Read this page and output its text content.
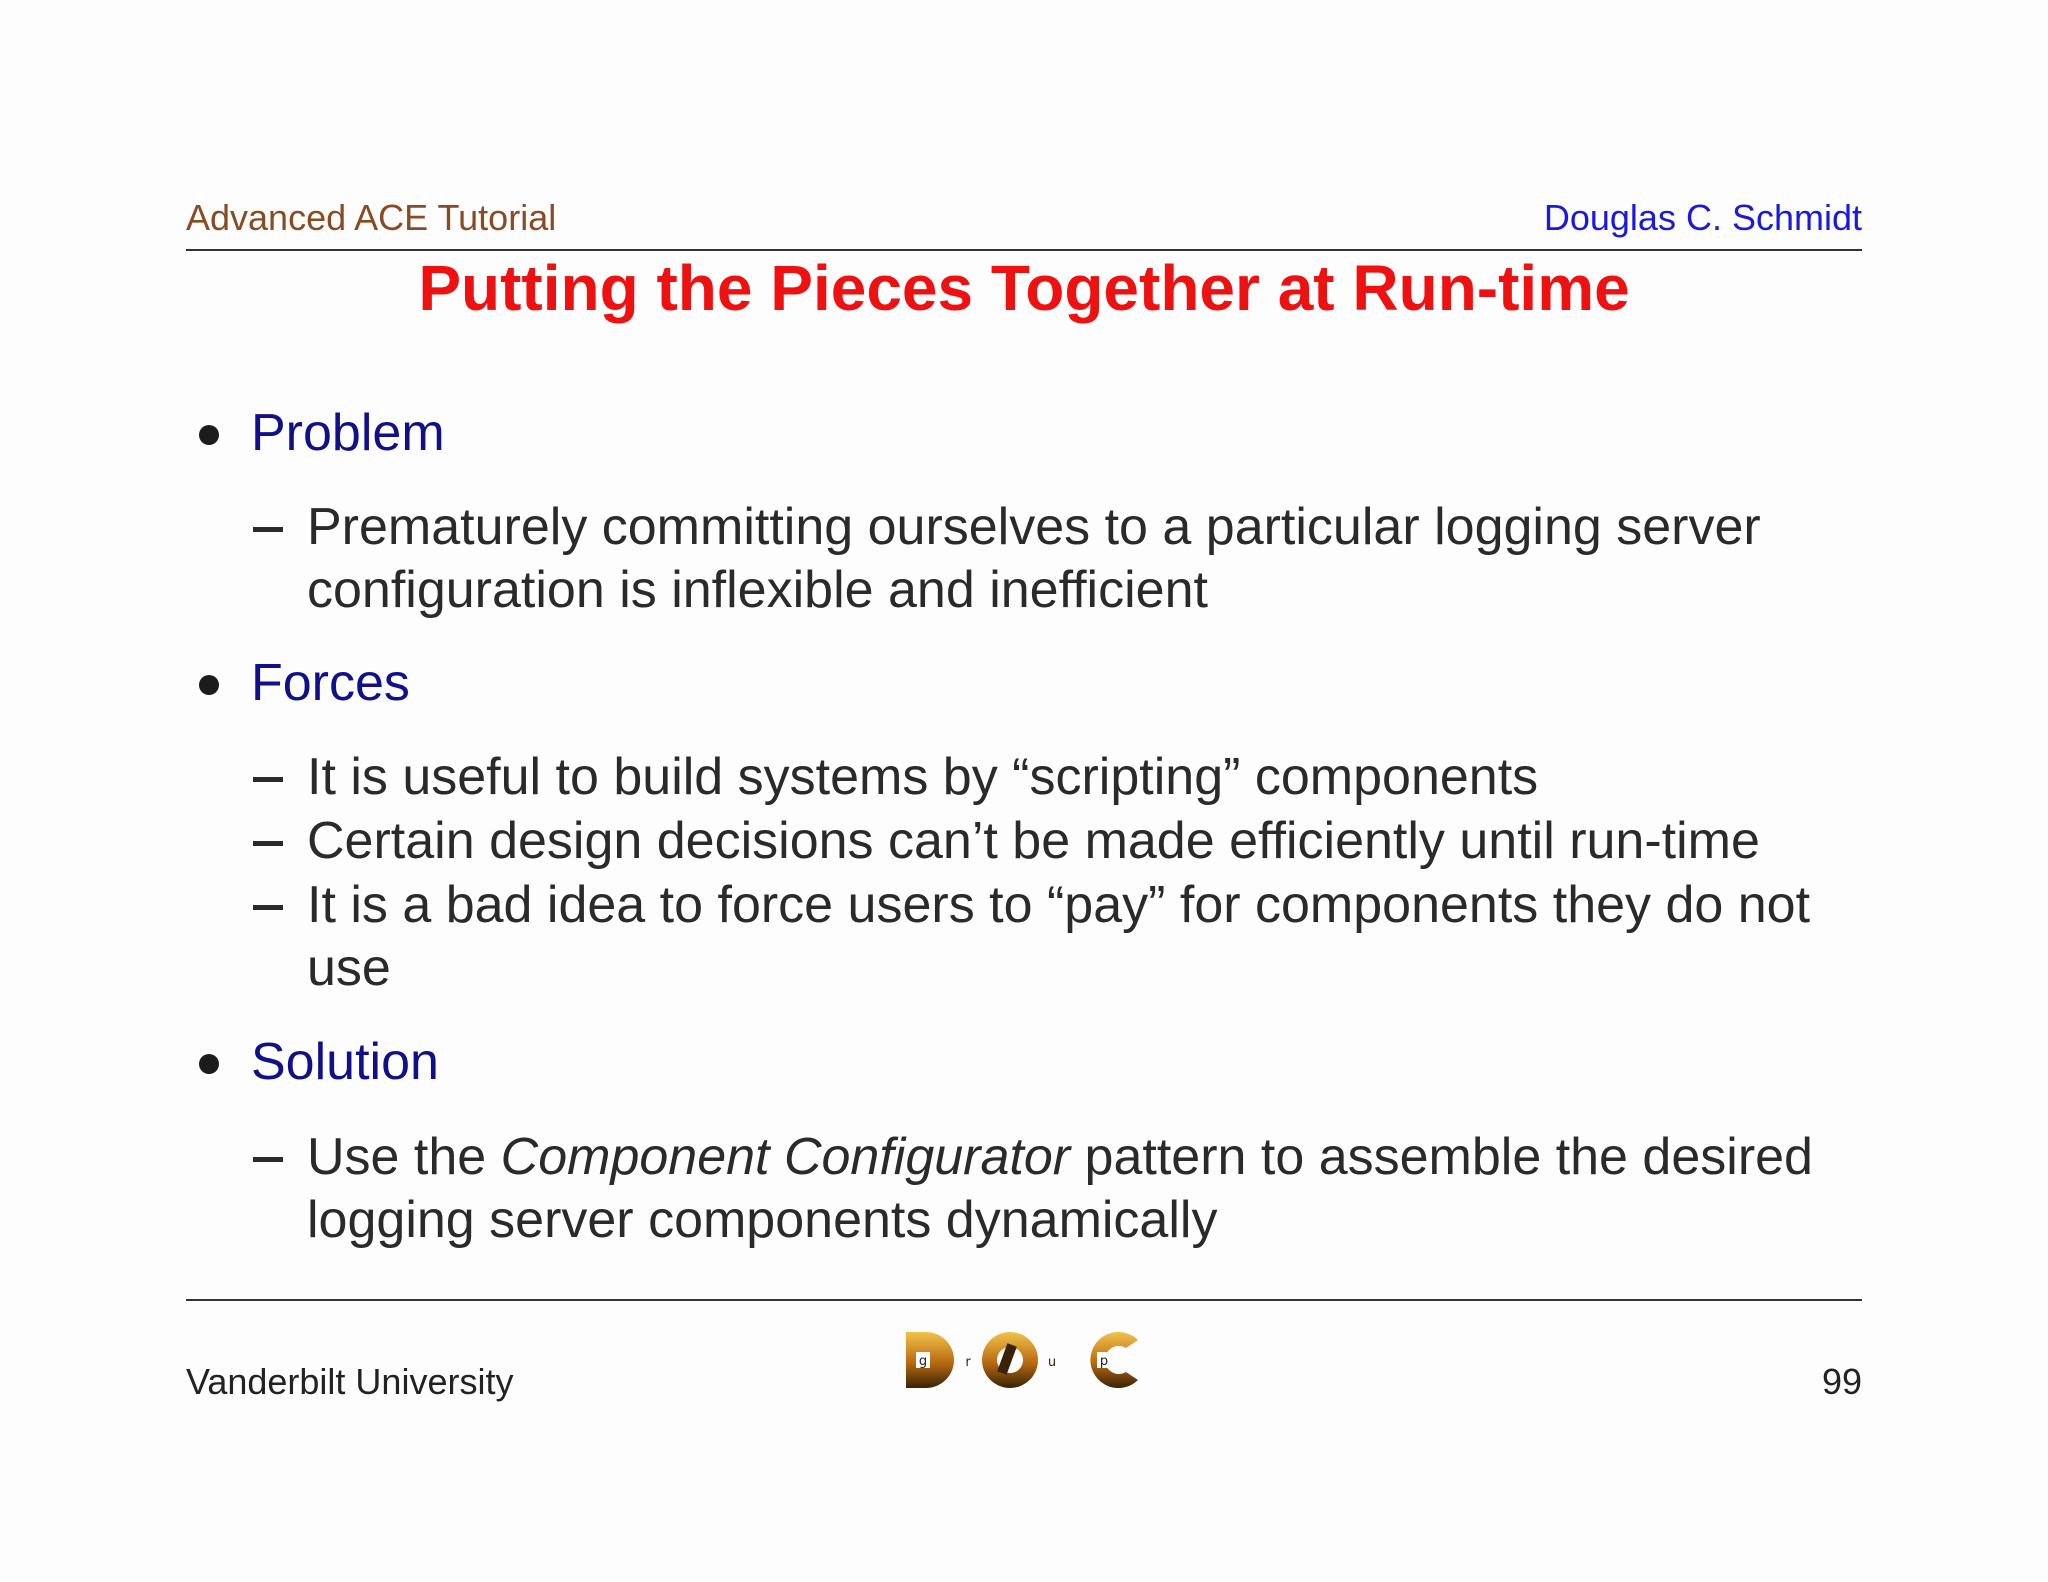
Advanced ACE Tutorial	Douglas C. Schmidt
Putting the Pieces Together at Run-time
Problem
Prematurely committing ourselves to a particular logging server
configuration is inflexible and inefficient
Forces
It is useful to build systems by “scripting” components
Certain design decisions can’t be made efficiently until run-time
It is a bad idea to force users to “pay” for components they do not
use
Solution
Use the Component Configurator pattern to assemble the desired
logging server components dynamically
Vanderbilt University	g	r	u	p	99
